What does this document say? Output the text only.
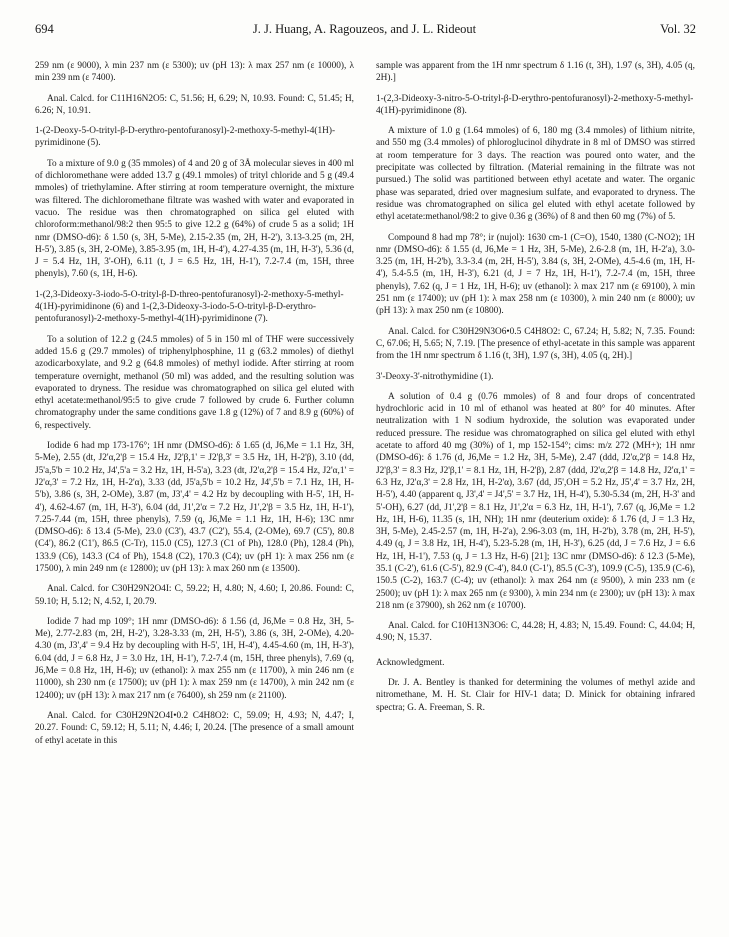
694	J. J. Huang, A. Ragouzeos, and J. L. Rideout	Vol. 32

259 nm (ε 9000), λ min 237 nm (ε 5300); uv (pH 13): λ max 257 nm (ε 10000), λ min 239 nm (ε 7400).

Anal. Calcd. for C11H16N2O5: C, 51.56; H, 6.29; N, 10.93. Found: C, 51.45; H, 6.26; N, 10.91.

1-(2-Deoxy-5-O-trityl-β-D-erythro-pentofuranosyl)-2-methoxy-5-methyl-4(1H)-pyrimidinone (5).

To a mixture of 9.0 g (35 mmoles) of 4 and 20 g of 3Å molecular sieves in 400 ml of dichloromethane were added 13.7 g (49.1 mmoles) of trityl chloride and 5 g (49.4 mmoles) of triethylamine. After stirring at room temperature overnight, the mixture was filtered. The dichloromethane filtrate was washed with water and evaporated in vacuo. The residue was then chromatographed on silica gel eluted with chloroform:methanol/98:2 then 95:5 to give 12.2 g (64%) of crude 5 as a solid; 1H nmr (DMSO-d6): δ 1.50 (s, 3H, 5-Me), 2.15-2.35 (m, 2H, H-2'), 3.13-3.25 (m, 2H, H-5'), 3.85 (s, 3H, 2-OMe), 3.85-3.95 (m, 1H, H-4'), 4.27-4.35 (m, 1H, H-3'), 5.36 (d, J = 5.4 Hz, 1H, 3'-OH), 6.11 (t, J = 6.5 Hz, 1H, H-1'), 7.2-7.4 (m, 15H, three phenyls), 7.60 (s, 1H, H-6).

1-(2,3-Dideoxy-3-iodo-5-O-trityl-β-D-threo-pentofuranosyl)-2-methoxy-5-methyl-4(1H)-pyrimidinone (6) and 1-(2,3-Dideoxy-3-iodo-5-O-trityl-β-D-erythro-pentofuranosyl)-2-methoxy-5-methyl-4(1H)-pyrimidinone (7).

To a solution of 12.2 g (24.5 mmoles) of 5 in 150 ml of THF were successively added 15.6 g (29.7 mmoles) of triphenylphosphine, 11 g (63.2 mmoles) of diethyl azodicarboxylate, and 9.2 g (64.8 mmoles) of methyl iodide. After stirring at room temperature overnight, methanol (50 ml) was added, and the resulting solution was evaporated to dryness. The residue was chromatographed on silica gel eluted with ethyl acetate:methanol/95:5 to give crude 7 followed by crude 6. Further column chromatography under the same conditions gave 1.8 g (12%) of 7 and 8.9 g (60%) of 6, respectively.

Iodide 6 had mp 173-176°; 1H nmr (DMSO-d6): δ 1.65 (d, J6,Me = 1.1 Hz, 3H, 5-Me), 2.55 (dt, J2'α,2'β = 15.4 Hz, J2'β,1' = J2'β,3' = 3.5 Hz, 1H, H-2'β), 3.10 (dd, J5'a,5'b = 10.2 Hz, J4',5'a = 3.2 Hz, 1H, H-5'a), 3.23 (dt, J2'α,2'β = 15.4 Hz, J2'α,1' = J2'α,3' = 7.2 Hz, 1H, H-2'α), 3.33 (dd, J5'a,5'b = 10.2 Hz, J4',5'b = 7.1 Hz, 1H, H-5'b), 3.86 (s, 3H, 2-OMe), 3.87 (m, J3',4' = 4.2 Hz by decoupling with H-5', 1H, H-4'), 4.62-4.67 (m, 1H, H-3'), 6.04 (dd, J1',2'α = 7.2 Hz, J1',2'β = 3.5 Hz, 1H, H-1'), 7.25-7.44 (m, 15H, three phenyls), 7.59 (q, J6,Me = 1.1 Hz, 1H, H-6); 13C nmr (DMSO-d6): δ 13.4 (5-Me), 23.0 (C3'), 43.7 (C2'), 55.4, (2-OMe), 69.7 (C5'), 80.8 (C4'), 86.2 (C1'), 86.5 (C-Tr), 115.0 (C5), 127.3 (C1 of Ph), 128.0 (Ph), 128.4 (Ph), 133.9 (C6), 143.3 (C4 of Ph), 154.8 (C2), 170.3 (C4); uv (pH 1): λ max 256 nm (ε 17500), λ min 249 nm (ε 12800); uv (pH 13): λ max 260 nm (ε 13500).

Anal. Calcd. for C30H29N2O4I: C, 59.22; H, 4.80; N, 4.60; I, 20.86. Found: C, 59.10; H, 5.12; N, 4.52, I, 20.79.

Iodide 7 had mp 109°; 1H nmr (DMSO-d6): δ 1.56 (d, J6,Me = 0.8 Hz, 3H, 5-Me), 2.77-2.83 (m, 2H, H-2'), 3.28-3.33 (m, 2H, H-5'), 3.86 (s, 3H, 2-OMe), 4.20-4.30 (m, J3',4' = 9.4 Hz by decoupling with H-5', 1H, H-4'), 4.45-4.60 (m, 1H, H-3'), 6.04 (dd, J = 6.8 Hz, J = 3.0 Hz, 1H, H-1'), 7.2-7.4 (m, 15H, three phenyls), 7.69 (q, J6,Me = 0.8 Hz, 1H, H-6); uv (ethanol): λ max 255 nm (ε 11700), λ min 246 nm (ε 11000), sh 230 nm (ε 17500); uv (pH 1): λ max 259 nm (ε 14700), λ min 242 nm (ε 12400); uv (pH 13): λ max 217 nm (ε 76400), sh 259 nm (ε 21100).

Anal. Calcd. for C30H29N2O4I•0.2 C4H8O2: C, 59.09; H, 4.93; N, 4.47; I, 20.27. Found: C, 59.12; H, 5.11; N, 4.46; I, 20.24. [The presence of a small amount of ethyl acetate in this

sample was apparent from the 1H nmr spectrum δ 1.16 (t, 3H), 1.97 (s, 3H), 4.05 (q, 2H).]

1-(2,3-Dideoxy-3-nitro-5-O-trityl-β-D-erythro-pentofuranosyl)-2-methoxy-5-methyl-4(1H)-pyrimidinone (8).

A mixture of 1.0 g (1.64 mmoles) of 6, 180 mg (3.4 mmoles) of lithium nitrite, and 550 mg (3.4 mmoles) of phloroglucinol dihydrate in 8 ml of DMSO was stirred at room temperature for 3 days. The reaction was poured onto water, and the precipitate was collected by filtration. (Material remaining in the filtrate was not pursued.) The solid was partitioned between ethyl acetate and water. The organic phase was separated, dried over magnesium sulfate, and evaporated to dryness. The residue was chromatographed on silica gel eluted with ethyl acetate followed by ethyl acetate:methanol/98:2 to give 0.36 g (36%) of 8 and then 60 mg (7%) of 5.

Compound 8 had mp 78°; ir (nujol): 1630 cm-1 (C=O), 1540, 1380 (C-NO2); 1H nmr (DMSO-d6): δ 1.55 (d, J6,Me = 1 Hz, 3H, 5-Me), 2.6-2.8 (m, 1H, H-2'a), 3.0-3.25 (m, 1H, H-2'b), 3.3-3.4 (m, 2H, H-5'), 3.84 (s, 3H, 2-OMe), 4.5-4.6 (m, 1H, H-4'), 5.4-5.5 (m, 1H, H-3'), 6.21 (d, J = 7 Hz, 1H, H-1'), 7.2-7.4 (m, 15H, three phenyls), 7.62 (q, J = 1 Hz, 1H, H-6); uv (ethanol): λ max 217 nm (ε 69100), λ min 251 nm (ε 17400); uv (pH 1): λ max 258 nm (ε 10300), λ min 240 nm (ε 8000); uv (pH 13): λ max 250 nm (ε 10800).

Anal. Calcd. for C30H29N3O6•0.5 C4H8O2: C, 67.24; H, 5.82; N, 7.35. Found: C, 67.06; H, 5.65; N, 7.19. [The presence of ethyl-acetate in this sample was apparent from the 1H nmr spectrum δ 1.16 (t, 3H), 1.97 (s, 3H), 4.05 (q, 2H).]

3'-Deoxy-3'-nitrothymidine (1).

A solution of 0.4 g (0.76 mmoles) of 8 and four drops of concentrated hydrochloric acid in 10 ml of ethanol was heated at 80° for 40 minutes. After neutralization with 1 N sodium hydroxide, the solution was evaporated under reduced pressure. The residue was chromatographed on silica gel eluted with ethyl acetate to afford 40 mg (30%) of 1, mp 152-154°; cims: m/z 272 (MH+); 1H nmr (DMSO-d6): δ 1.76 (d, J6,Me = 1.2 Hz, 3H, 5-Me), 2.47 (ddd, J2'α,2'β = 14.8 Hz, J2'β,3' = 8.3 Hz, J2'β,1' = 8.1 Hz, 1H, H-2'β), 2.87 (ddd, J2'α,2'β = 14.8 Hz, J2'α,1' = 6.3 Hz, J2'α,3' = 2.8 Hz, 1H, H-2'α), 3.67 (dd, J5',OH = 5.2 Hz, J5',4' = 3.7 Hz, 2H, H-5'), 4.40 (apparent q, J3',4' = J4',5' = 3.7 Hz, 1H, H-4'), 5.30-5.34 (m, 2H, H-3' and 5'-OH), 6.27 (dd, J1',2'β = 8.1 Hz, J1',2'α = 6.3 Hz, 1H, H-1'), 7.67 (q, J6,Me = 1.2 Hz, 1H, H-6), 11.35 (s, 1H, NH); 1H nmr (deuterium oxide): δ 1.76 (d, J = 1.3 Hz, 3H, 5-Me), 2.45-2.57 (m, 1H, H-2'a), 2.96-3.03 (m, 1H, H-2'b), 3.78 (m, 2H, H-5'), 4.49 (q, J = 3.8 Hz, 1H, H-4'), 5.23-5.28 (m, 1H, H-3'), 6.25 (dd, J = 7.6 Hz, J = 6.6 Hz, 1H, H-1'), 7.53 (q, J = 1.3 Hz, H-6) [21]; 13C nmr (DMSO-d6): δ 12.3 (5-Me), 35.1 (C-2'), 61.6 (C-5'), 82.9 (C-4'), 84.0 (C-1'), 85.5 (C-3'), 109.9 (C-5), 135.9 (C-6), 150.5 (C-2), 163.7 (C-4); uv (ethanol): λ max 264 nm (ε 9500), λ min 233 nm (ε 2500); uv (pH 1): λ max 265 nm (ε 9300), λ min 234 nm (ε 2300); uv (pH 13): λ max 218 nm (ε 37900), sh 262 nm (ε 10700).

Anal. Calcd. for C10H13N3O6: C, 44.28; H, 4.83; N, 15.49. Found: C, 44.04; H, 4.90; N, 15.37.

Acknowledgment.

Dr. J. A. Bentley is thanked for determining the volumes of methyl azide and nitromethane, M. H. St. Clair for HIV-1 data; D. Minick for obtaining infrared spectra; G. A. Freeman, S. R.
